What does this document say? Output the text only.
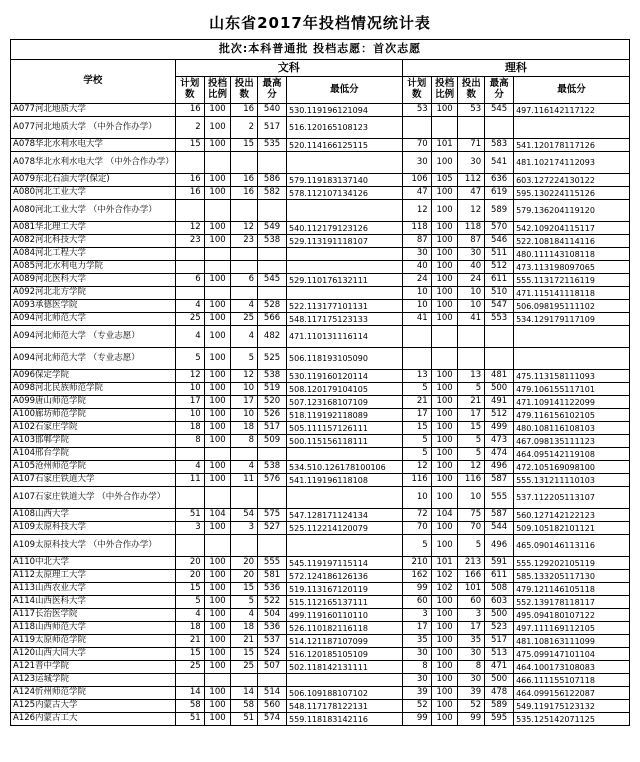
山东省2017年投档情况统计表
批次:本科普通批 投档志愿：首次志愿										
学校	文科					理科				
	计划数	投档比例	投出数	最高分	最低分	计划数	投档比例	投出数	最高分	最低分
A077河北地质大学	16	100	16	540	530.119196121094	53	100	53	545	497.116142117122
A077河北地质大学 （中外合作办学）	2	100	2	517	516.120165108123					
A078华北水利水电大学	15	100	15	535	520.114166125115	70	101	71	583	541.120178117126
A078华北水利水电大学 （中外合作办学）						30	100	30	541	481.102174112093
A079东北石油大学(保定)	16	100	16	586	579.119183137140	106	105	112	636	603.127224130122
A080河北工业大学	16	100	16	582	578.112107134126	47	100	47	619	595.130224115126
A080河北工业大学 （中外合作办学）						12	100	12	589	579.136204119120
A081华北理工大学	12	100	12	549	540.112179123126	118	100	118	570	542.109204115117
A082河北科技大学	23	100	23	538	529.113191118107	87	100	87	546	522.108184114116
A084河北工程大学						30	100	30	511	480.111143108118
A085河北水利电力学院						40	100	40	512	473.113198097065
A089河北医科大学	6	100	6	545	529.110176132111	24	100	24	611	555.113172116119
A092河北北方学院						10	100	10	510	471.115141118118
A093承德医学院	4	100	4	528	522.113177101131	10	100	10	547	506.098195111102
A094河北师范大学	25	100	25	566	548.117175123133	41	100	41	553	534.129179117109
A094河北师范大学 （专业志愿）	4	100	4	482	471.110131116114					
A094河北师范大学 （专业志愿）	5	100	5	525	506.118193105090					
A096保定学院	12	100	12	538	530.119160120114	13	100	13	481	475.113158111093
A098河北民族师范学院	10	100	10	519	508.120179104105	5	100	5	500	479.106155117101
A099唐山师范学院	17	100	17	520	507.123168107109	21	100	21	491	471.109141122099
A100廊坊师范学院	10	100	10	526	518.119192118089	17	100	17	512	479.116156102105
A102石家庄学院	18	100	18	517	505.111157126111	15	100	15	499	480.108116108103
A103邯郸学院	8	100	8	509	500.115156118111	5	100	5	473	467.098135111123
A104邢台学院						5	100	5	474	464.095142119108
A105沧州师范学院	4	100	4	538	534.510.126178100106	12	100	12	496	472.105169098100
A107石家庄铁道大学	11	100	11	576	541.119196118108	116	100	116	587	555.131211110103
A107石家庄铁道大学 （中外合作办学）						10	100	10	555	537.112205113107
A108山西大学	51	104	54	575	547.128171124134	72	104	75	587	560.127142122123
A109太原科技大学	3	100	3	527	525.112214120079	70	100	70	544	509.105182101121
A109太原科技大学 （中外合作办学）						5	100	5	496	465.090146113116
A110中北大学	20	100	20	555	545.119197115114	210	101	213	591	555.129202105119
A112太原理工大学	20	100	20	581	572.124186126136	162	102	166	611	585.133205117130
A113山西农业大学	15	100	15	536	519.113167120119	99	102	101	508	479.121146105118
A114山西医科大学	5	100	5	522	515.112165137111	60	100	60	603	552.139178118117
A117长治医学院	4	100	4	504	499.119160110110	3	100	3	500	495.094180107122
A118山西师范大学	18	100	18	536	526.110182116118	17	100	17	523	497.111169112105
A119太原师范学院	21	100	21	537	514.121187107099	35	100	35	517	481.108163111099
A120山西大同大学	15	100	15	524	516.120185105109	30	100	30	513	475.099147101104
A121晋中学院	25	100	25	507	502.118142131111	8	100	8	471	464.100173108083
A123运城学院						30	100	30	500	466.111155107118
A124忻州师范学院	14	100	14	514	506.109188107102	39	100	39	478	464.099156122087
A125内蒙古大学	58	100	58	560	548.117178122131	52	100	52	589	549.119175123132
A126内蒙古工大	51	100	51	574	559.118183142116	99	100	99	595	535.125142071125
